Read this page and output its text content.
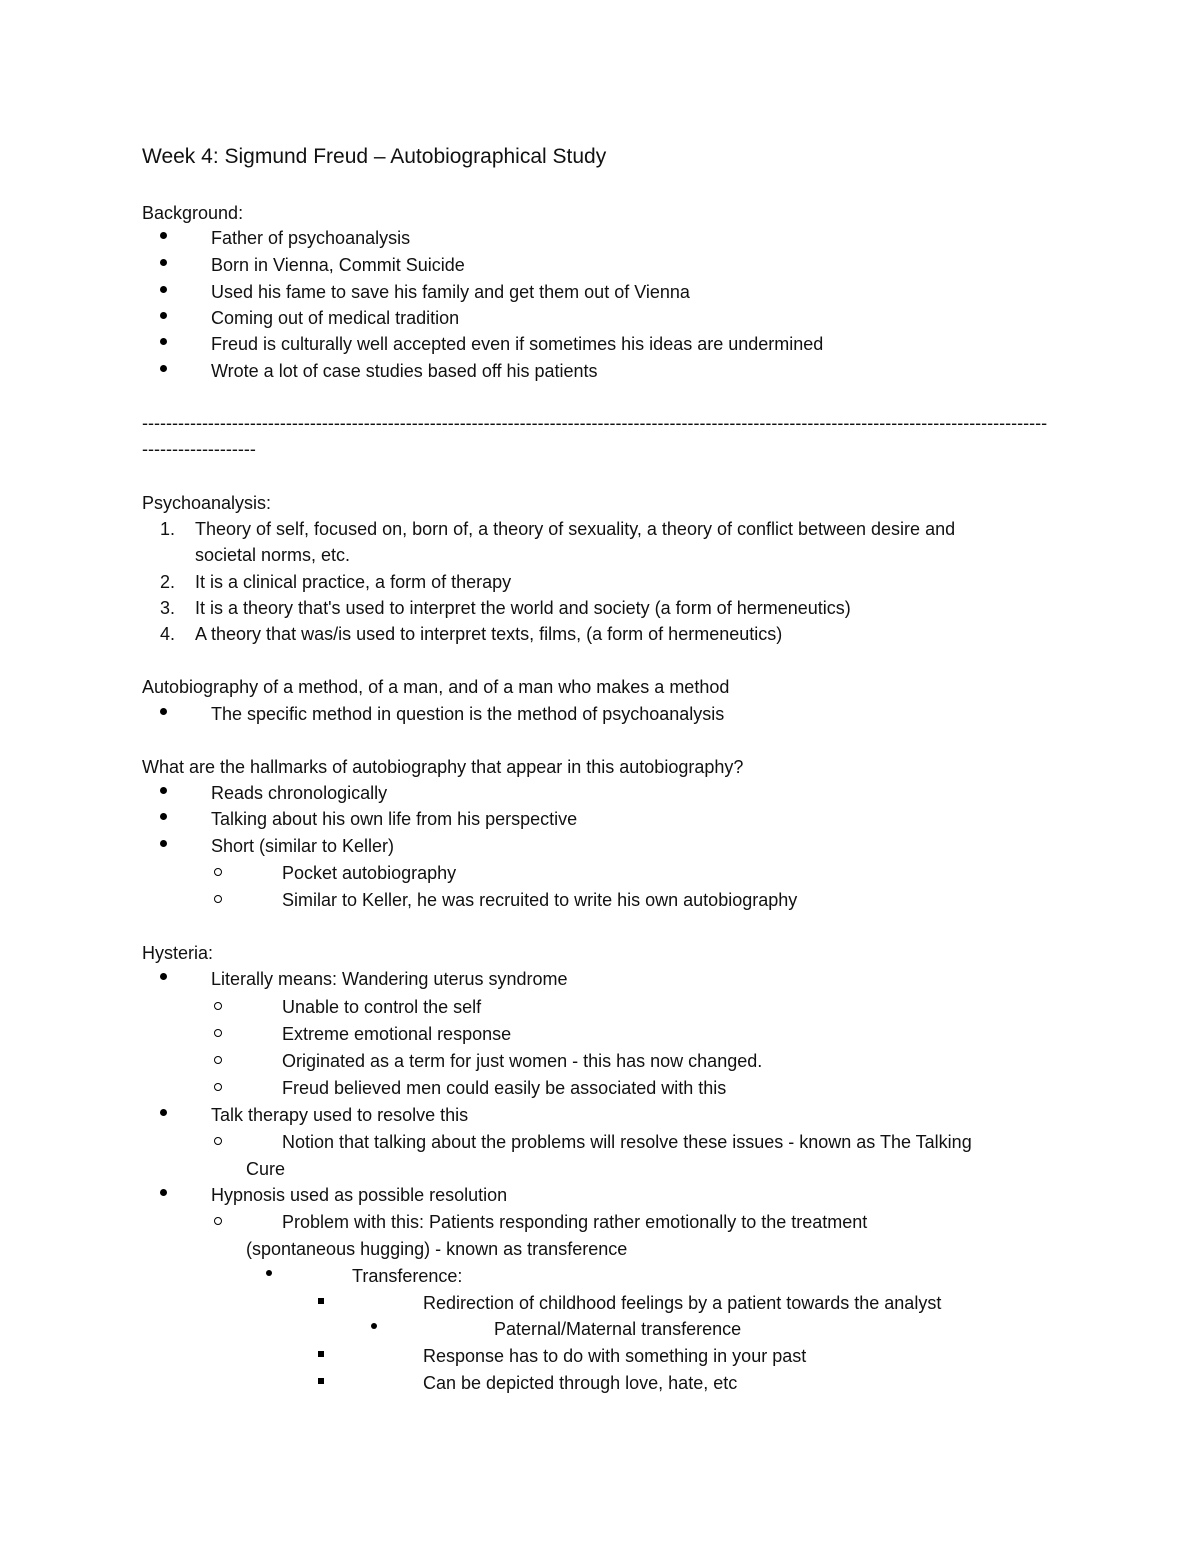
Week 4: Sigmund Freud – Autobiographical Study
Background:
Father of psychoanalysis
Born in Vienna, Commit Suicide
Used his fame to save his family and get them out of Vienna
Coming out of medical tradition
Freud is culturally well accepted even if sometimes his ideas are undermined
Wrote a lot of case studies based off his patients
-------------------------------------------------------------------------------------------------------------------------------------------------------
-------------------
Psychoanalysis:
1. Theory of self, focused on, born of, a theory of sexuality, a theory of conflict between desire and
societal norms, etc.
2. It is a clinical practice, a form of therapy
3. It is a theory that's used to interpret the world and society (a form of hermeneutics)
4. A theory that was/is used to interpret texts, films, (a form of hermeneutics)
Autobiography of a method, of a man, and of a man who makes a method
The specific method in question is the method of psychoanalysis
What are the hallmarks of autobiography that appear in this autobiography?
Reads chronologically
Talking about his own life from his perspective
Short (similar to Keller)
Pocket autobiography
Similar to Keller, he was recruited to write his own autobiography
Hysteria:
Literally means: Wandering uterus syndrome
Unable to control the self
Extreme emotional response
Originated as a term for just women - this has now changed.
Freud believed men could easily be associated with this
Talk therapy used to resolve this
Notion that talking about the problems will resolve these issues - known as The Talking
Cure
Hypnosis used as possible resolution
Problem with this: Patients responding rather emotionally to the treatment
(spontaneous hugging) - known as transference
Transference:
Redirection of childhood feelings by a patient towards the analyst
Paternal/Maternal transference
Response has to do with something in your past
Can be depicted through love, hate, etc
